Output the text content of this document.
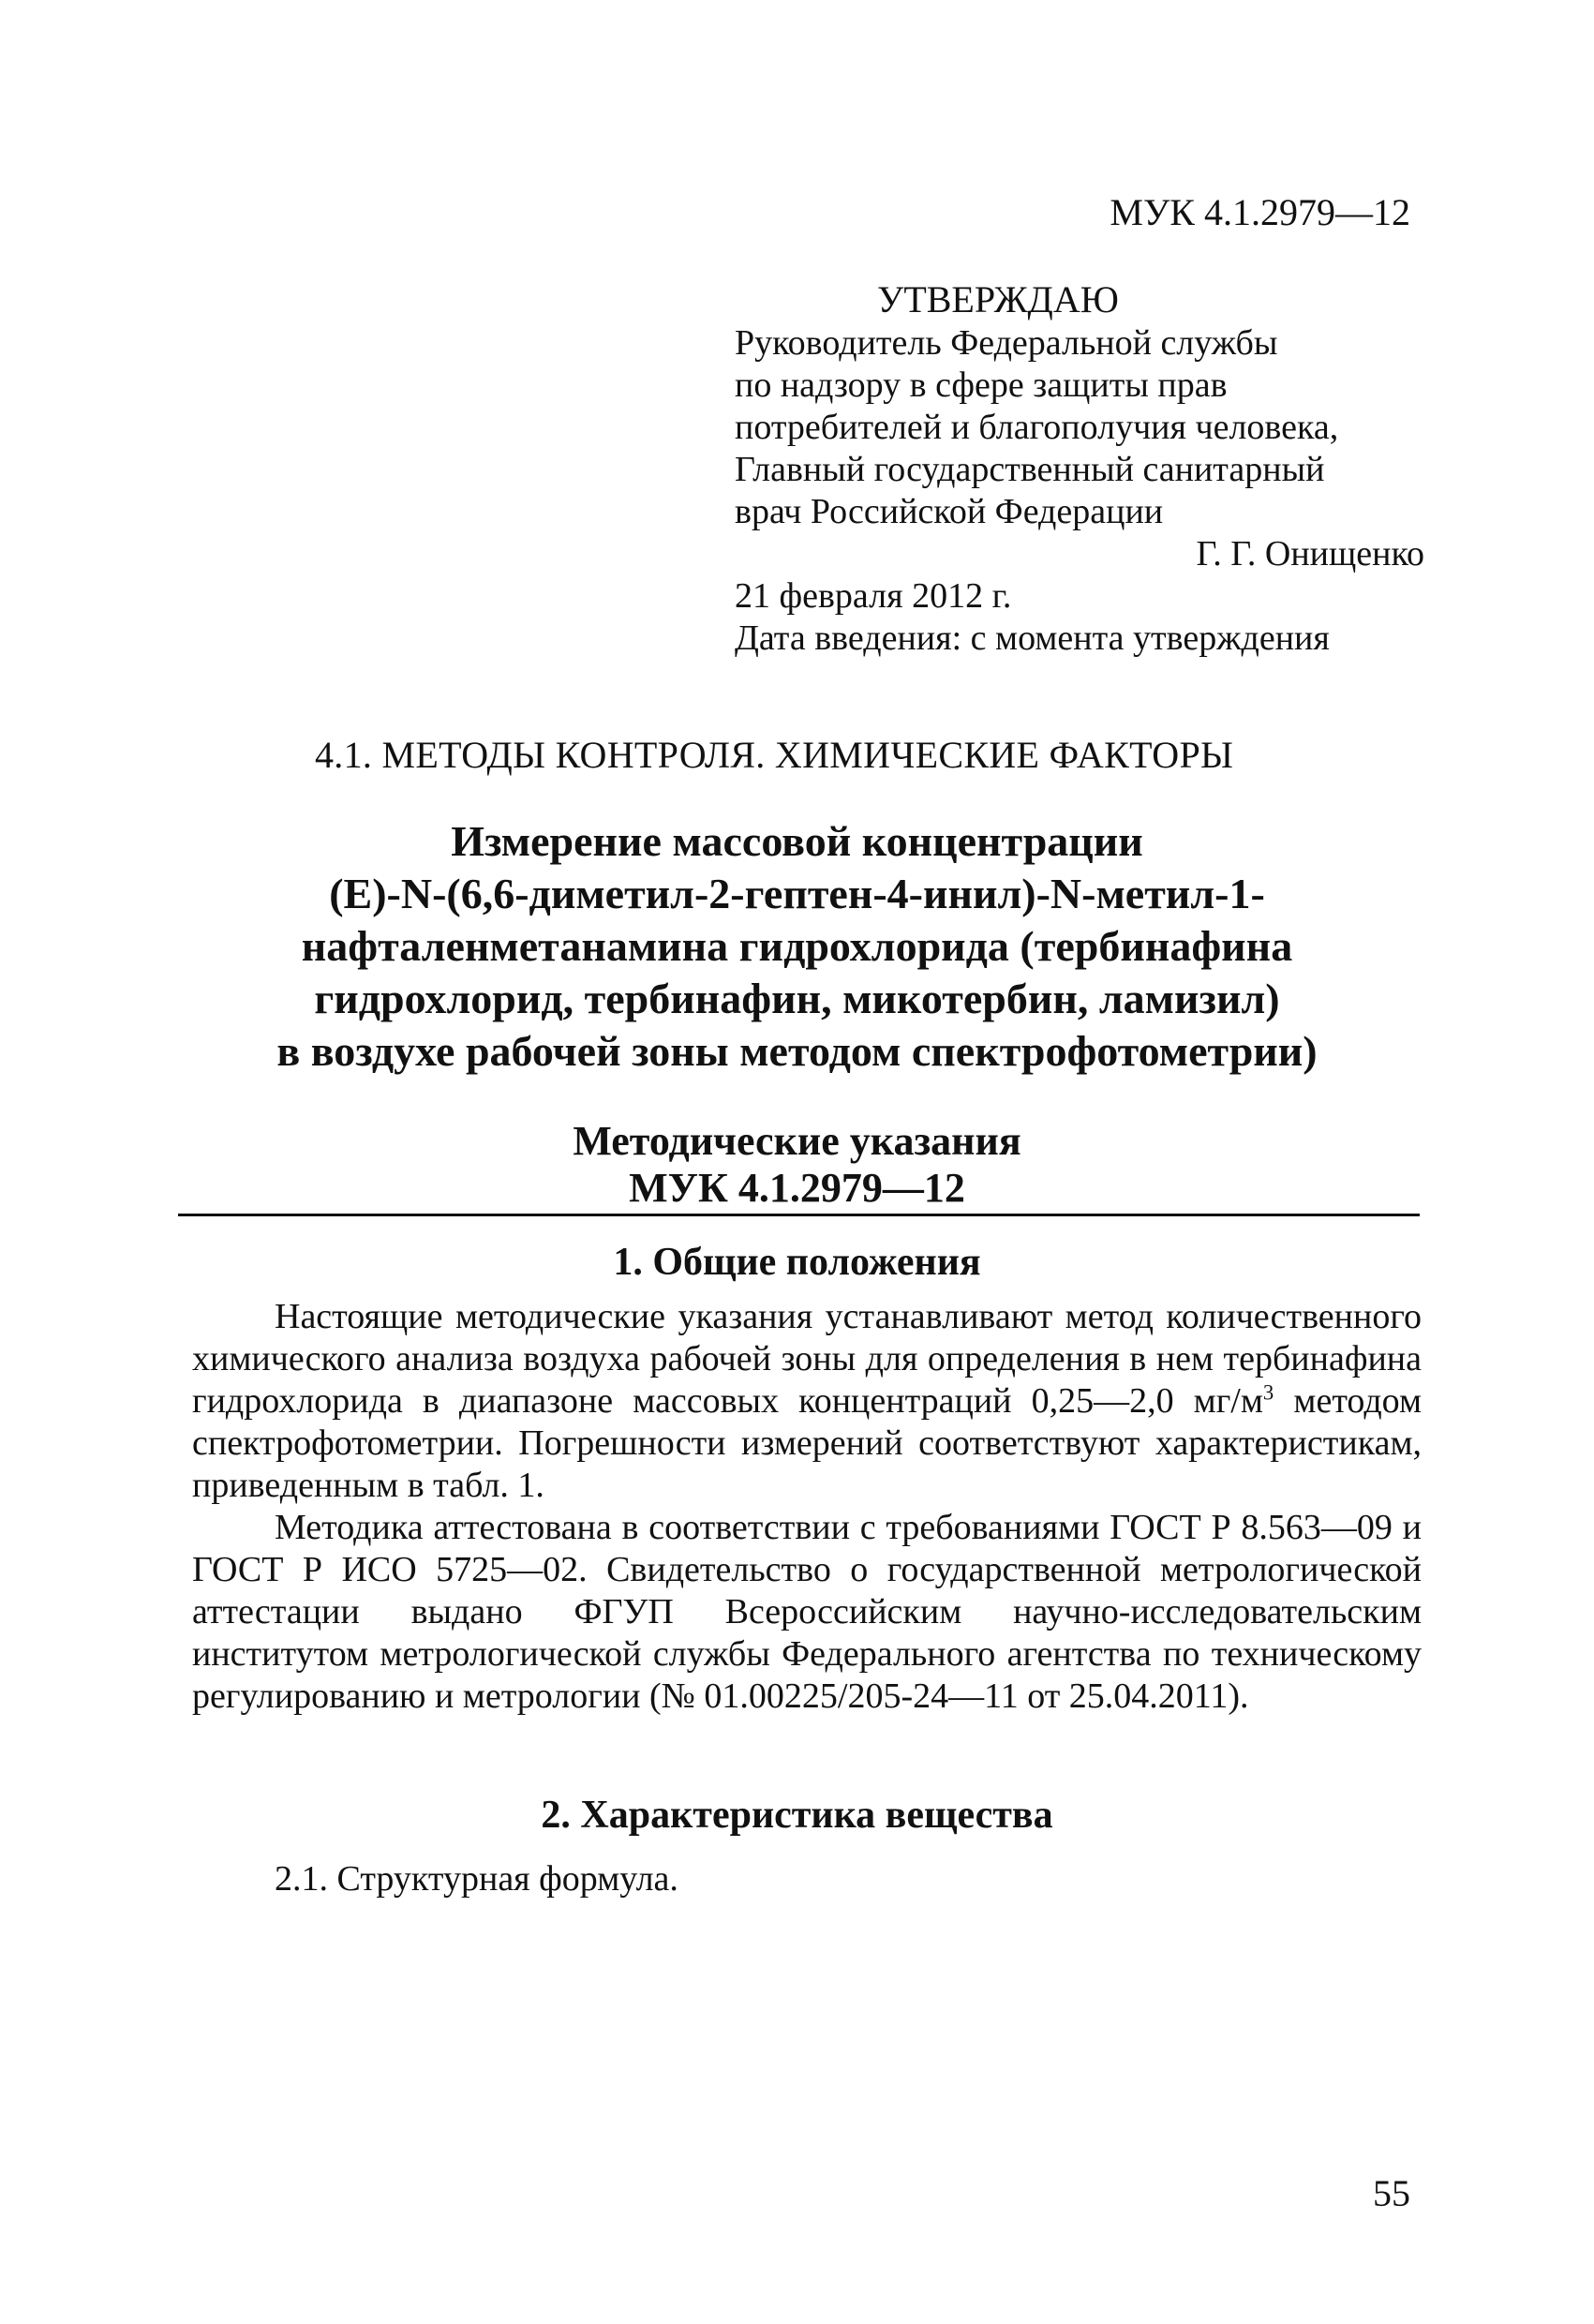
МУК 4.1.2979—12
УТВЕРЖДАЮ
Руководитель Федеральной службы
по надзору в сфере защиты прав
потребителей и благополучия человека,
Главный государственный санитарный
врач Российской Федерации
Г. Г. Онищенко
21 февраля 2012 г.
Дата введения: с момента утверждения
4.1. МЕТОДЫ КОНТРОЛЯ. ХИМИЧЕСКИЕ ФАКТОРЫ
Измерение массовой концентрации
(Е)-N-(6,6-диметил-2-гептен-4-инил)-N-метил-1-
нафталенметанамина гидрохлорида (тербинафина
гидрохлорид, тербинафин, микотербин, ламизил)
в воздухе рабочей зоны методом спектрофотометрии)
Методические указания
МУК 4.1.2979—12
1. Общие положения

Настоящие методические указания устанавливают метод количественного химического анализа воздуха рабочей зоны для определения в нем тербинафина гидрохлорида в диапазоне массовых концентраций 0,25—2,0 $мг/м^3$ методом спектрофотометрии. Погрешности измерений соответствуют характеристикам, приведенным в табл. 1.

Методика аттестована в соответствии с требованиями ГОСТ Р 8.563—09 и ГОСТ Р ИСО 5725—02. Свидетельство о государственной метрологической аттестации выдано ФГУП Всероссийским научно-исследовательским институтом метрологической службы Федерального агентства по техническому регулированию и метрологии (№ 01.00225/205-24—11 от 25.04.2011).

2. Характеристика вещества

2.1. Структурная формула.

55
